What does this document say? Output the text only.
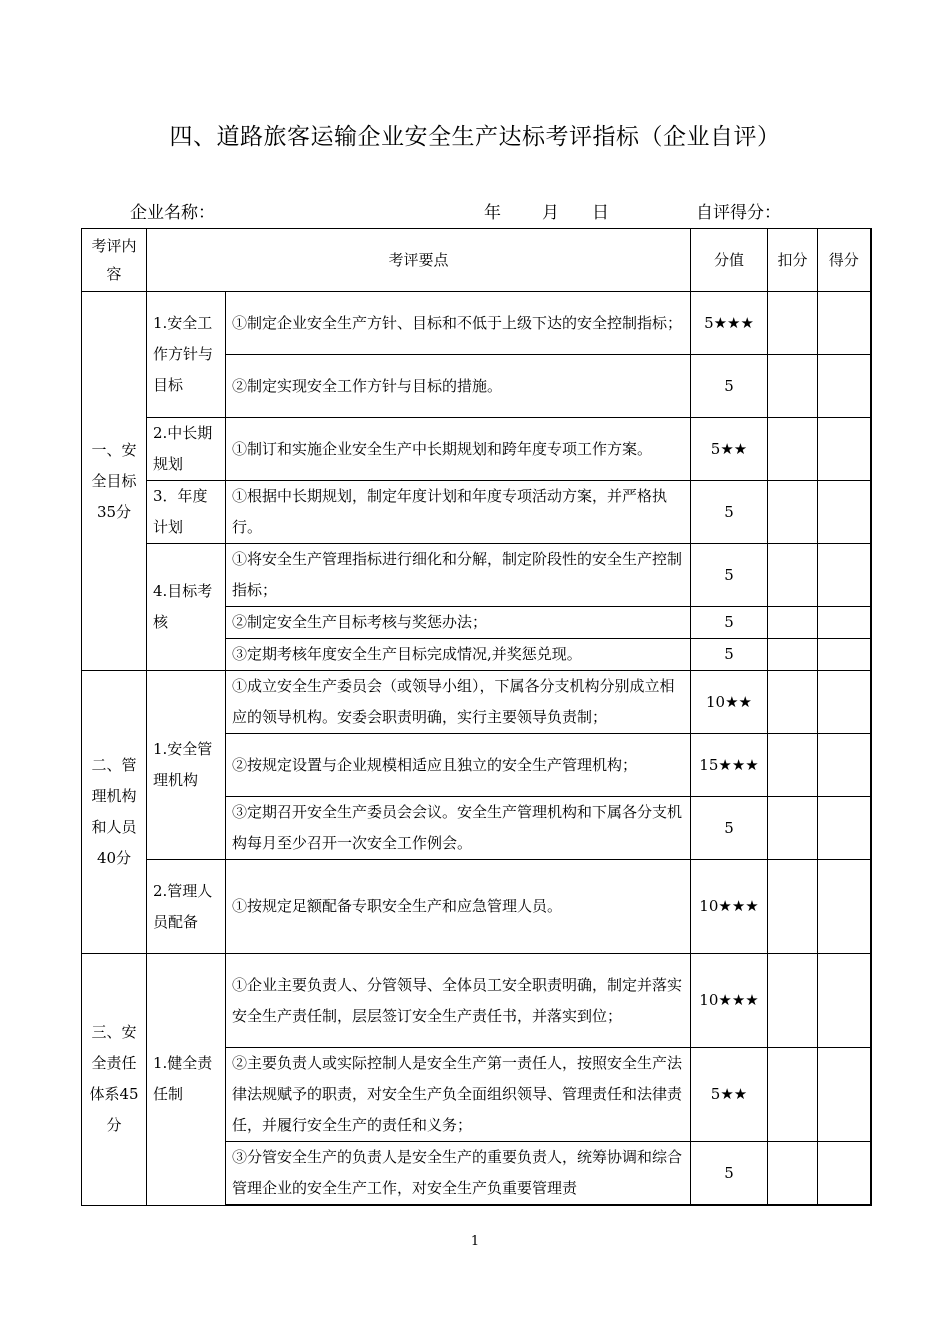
四、道路旅客运输企业安全生产达标考评指标（企业自评）
企业名称：	年 月 日	自评得分：
考评内容	考评要点		分值	扣分	得分
一、安全目标35分	1.安全工作方针与目标	①制定企业安全生产方针、目标和不低于上级下达的安全控制指标；	5★★★		
		②制定实现安全工作方针与目标的措施。	5		
	2.中长期规划	①制订和实施企业安全生产中长期规划和跨年度专项工作方案。	5★★		
	3．年度计划	①根据中长期规划，制定年度计划和年度专项活动方案，并严格执行。	5		
	4.目标考核	①将安全生产管理指标进行细化和分解，制定阶段性的安全生产控制指标；	5		
		②制定安全生产目标考核与奖惩办法；	5		
		③定期考核年度安全生产目标完成情况,并奖惩兑现。	5		
二、管理机构和人员40分	1.安全管理机构	①成立安全生产委员会（或领导小组），下属各分支机构分别成立相应的领导机构。安委会职责明确，实行主要领导负责制；	10★★		
		②按规定设置与企业规模相适应且独立的安全生产管理机构；	15★★★		
		③定期召开安全生产委员会会议。安全生产管理机构和下属各分支机构每月至少召开一次安全工作例会。	5		
	2.管理人员配备	①按规定足额配备专职安全生产和应急管理人员。	10★★★		
三、安全责任体系45分	1.健全责任制	①企业主要负责人、分管领导、全体员工安全职责明确，制定并落实安全生产责任制，层层签订安全生产责任书，并落实到位；	10★★★		
		②主要负责人或实际控制人是安全生产第一责任人，按照安全生产法律法规赋予的职责，对安全生产负全面组织领导、管理责任和法律责任，并履行安全生产的责任和义务；	5★★		
		③分管安全生产的负责人是安全生产的重要负责人，统筹协调和综合管理企业的安全生产工作，对安全生产负重要管理责	5		
1
